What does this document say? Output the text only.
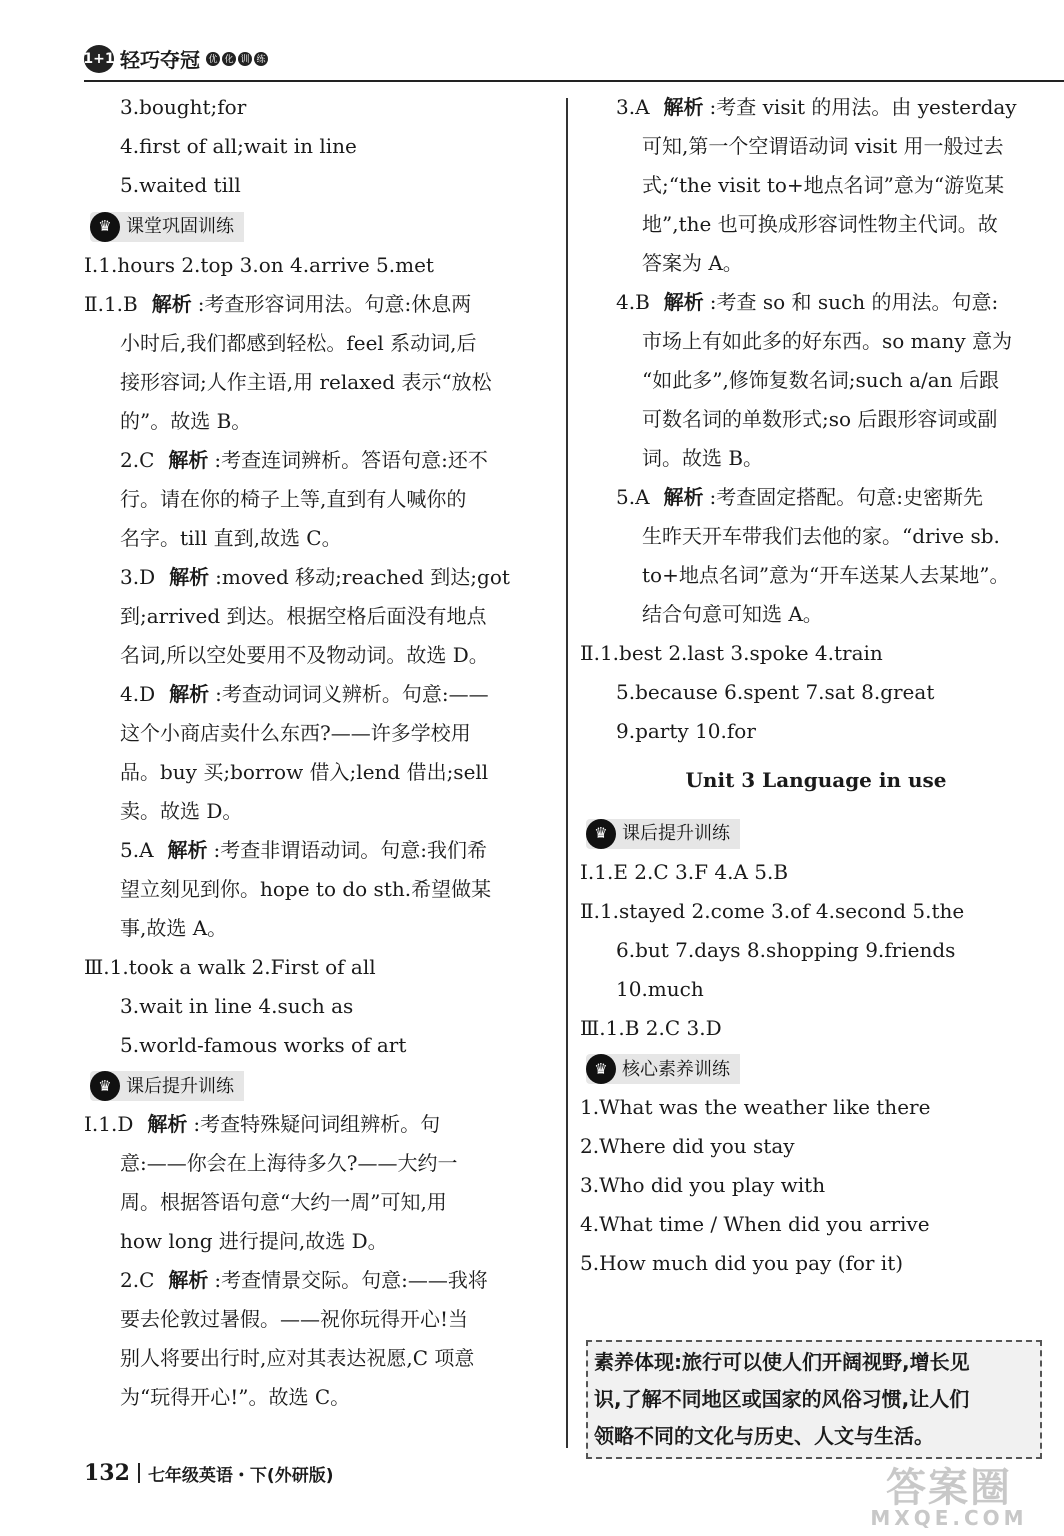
1+1 轻巧夺冠 优 化 训 练
3.bought;for
4.first of all;wait in line
5.waited till
♛ 课堂巩固训练
Ⅰ.1.hours 2.top 3.on 4.arrive 5.met
Ⅱ.1.B 解析 :考查形容词用法。句意:休息两
小时后,我们都感到轻松。feel 系动词,后
接形容词;人作主语,用 relaxed 表示“放松
的”。故选 B。
2.C 解析 :考查连词辨析。答语句意:还不
行。请在你的椅子上等,直到有人喊你的
名字。till 直到,故选 C。
3.D 解析 :moved 移动;reached 到达;got
到;arrived 到达。根据空格后面没有地点
名词,所以空处要用不及物动词。故选 D。
4.D 解析 :考查动词词义辨析。句意:——
这个小商店卖什么东西?——许多学校用
品。buy 买;borrow 借入;lend 借出;sell
卖。故选 D。
5.A 解析 :考查非谓语动词。句意:我们希
望立刻见到你。hope to do sth.希望做某
事,故选 A。
Ⅲ.1.took a walk 2.First of all
3.wait in line 4.such as
5.world-famous works of art
♛ 课后提升训练
Ⅰ.1.D 解析 :考查特殊疑问词组辨析。句
意:——你会在上海待多久?——大约一
周。根据答语句意“大约一周”可知,用
how long 进行提问,故选 D。
2.C 解析 :考查情景交际。句意:——我将
要去伦敦过暑假。——祝你玩得开心!当
别人将要出行时,应对其表达祝愿,C 项意
为“玩得开心!”。故选 C。
3.A 解析 :考查 visit 的用法。由 yesterday
可知,第一个空谓语动词 visit 用一般过去
式;“the visit to+地点名词”意为“游览某
地”,the 也可换成形容词性物主代词。故
答案为 A。
4.B 解析 :考查 so 和 such 的用法。句意:
市场上有如此多的好东西。so many 意为
“如此多”,修饰复数名词;such a/an 后跟
可数名词的单数形式;so 后跟形容词或副
词。故选 B。
5.A 解析 :考查固定搭配。句意:史密斯先
生昨天开车带我们去他的家。“drive sb.
to+地点名词”意为“开车送某人去某地”。
结合句意可知选 A。
Ⅱ.1.best 2.last 3.spoke 4.train
5.because 6.spent 7.sat 8.great
9.party 10.for
Unit 3 Language in use
♛ 课后提升训练
Ⅰ.1.E 2.C 3.F 4.A 5.B
Ⅱ.1.stayed 2.come 3.of 4.second 5.the
6.but 7.days 8.shopping 9.friends
10.much
Ⅲ.1.B 2.C 3.D
♛ 核心素养训练
1.What was the weather like there
2.Where did you stay
3.Who did you play with
4.What time / When did you arrive
5.How much did you pay (for it)
素养体现:旅行可以使人们开阔视野,增长见
识,了解不同地区或国家的风俗习惯,让人们
领略不同的文化与历史、人文与生活。
132 七年级英语・下(外研版)	答案圈
MXQE.COM
